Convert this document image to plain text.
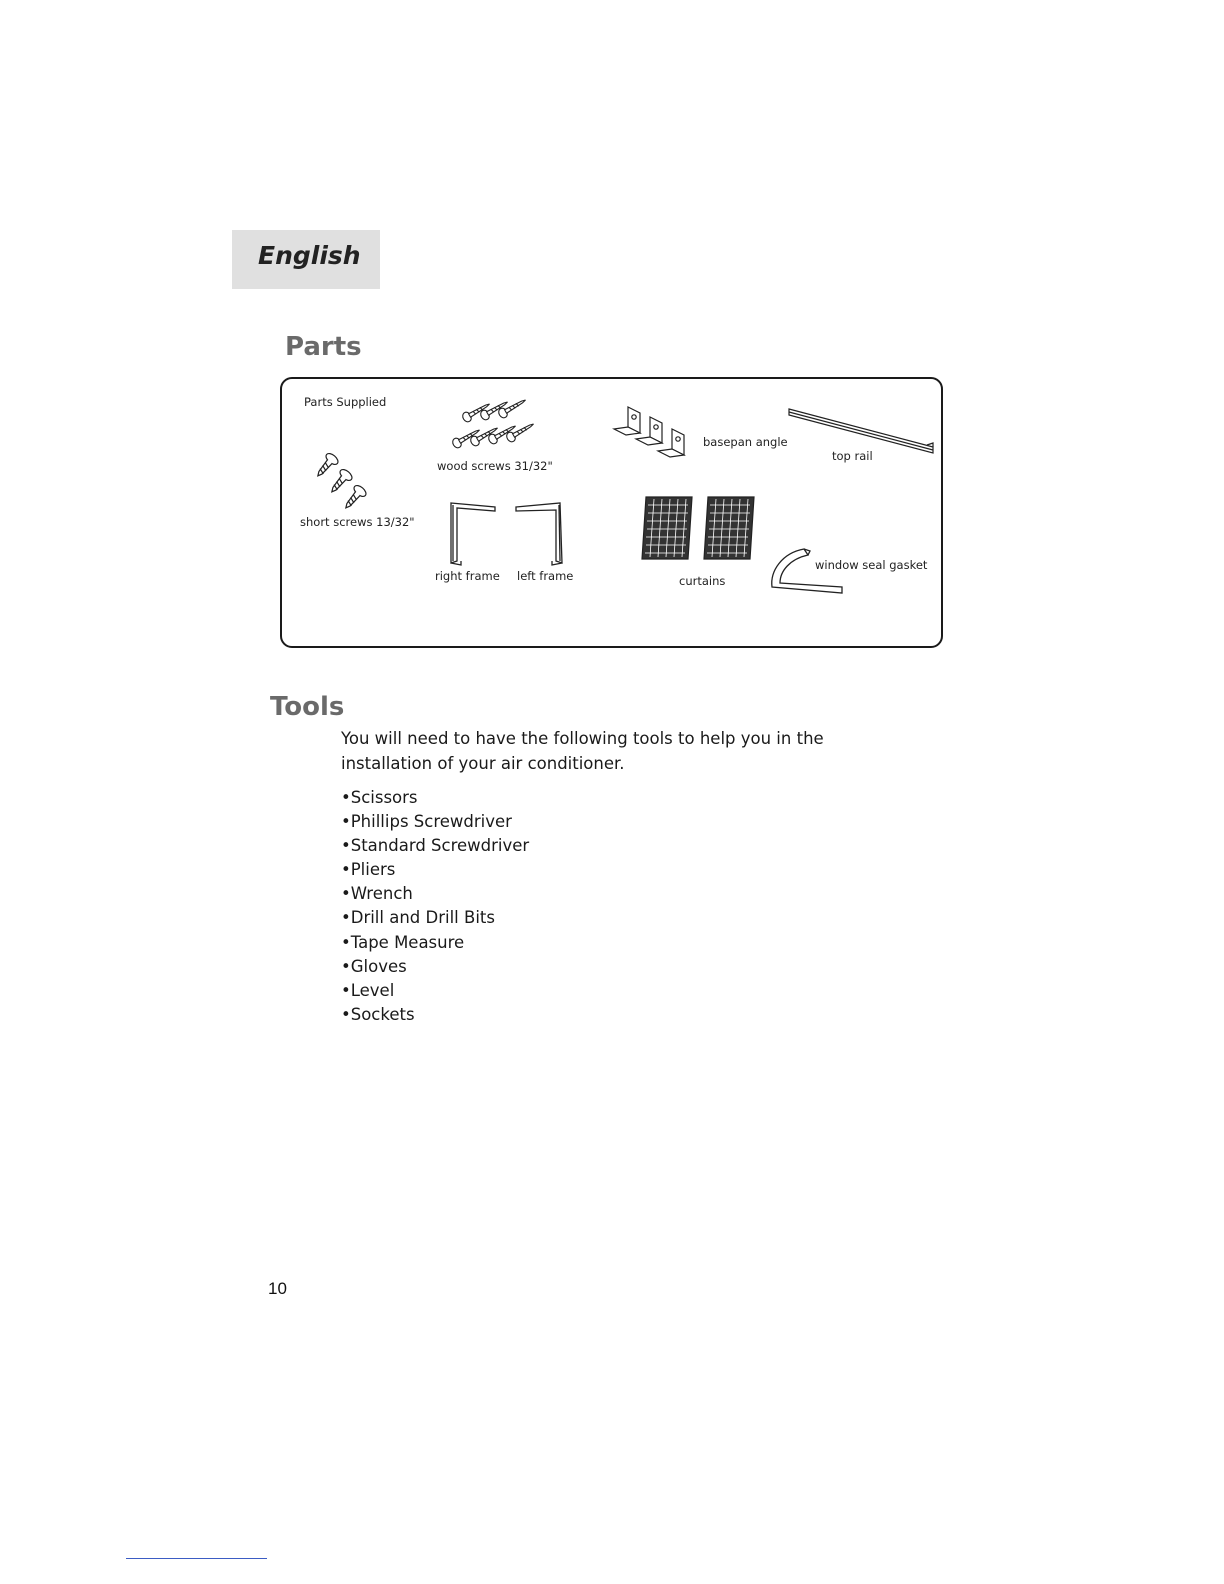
English
Parts
Parts Supplied
short screws 13/32"
wood screws 31/32"
basepan angle
top rail
right frame left frame	curtains
window seal gasket
Tools
You will need to have the following tools to help you in the installation of your air conditioner.
• Scissors
• Phillips Screwdriver
• Standard Screwdriver
• Pliers
• Wrench
• Drill and Drill Bits
• Tape Measure
• Gloves
• Level
• Sockets
10
